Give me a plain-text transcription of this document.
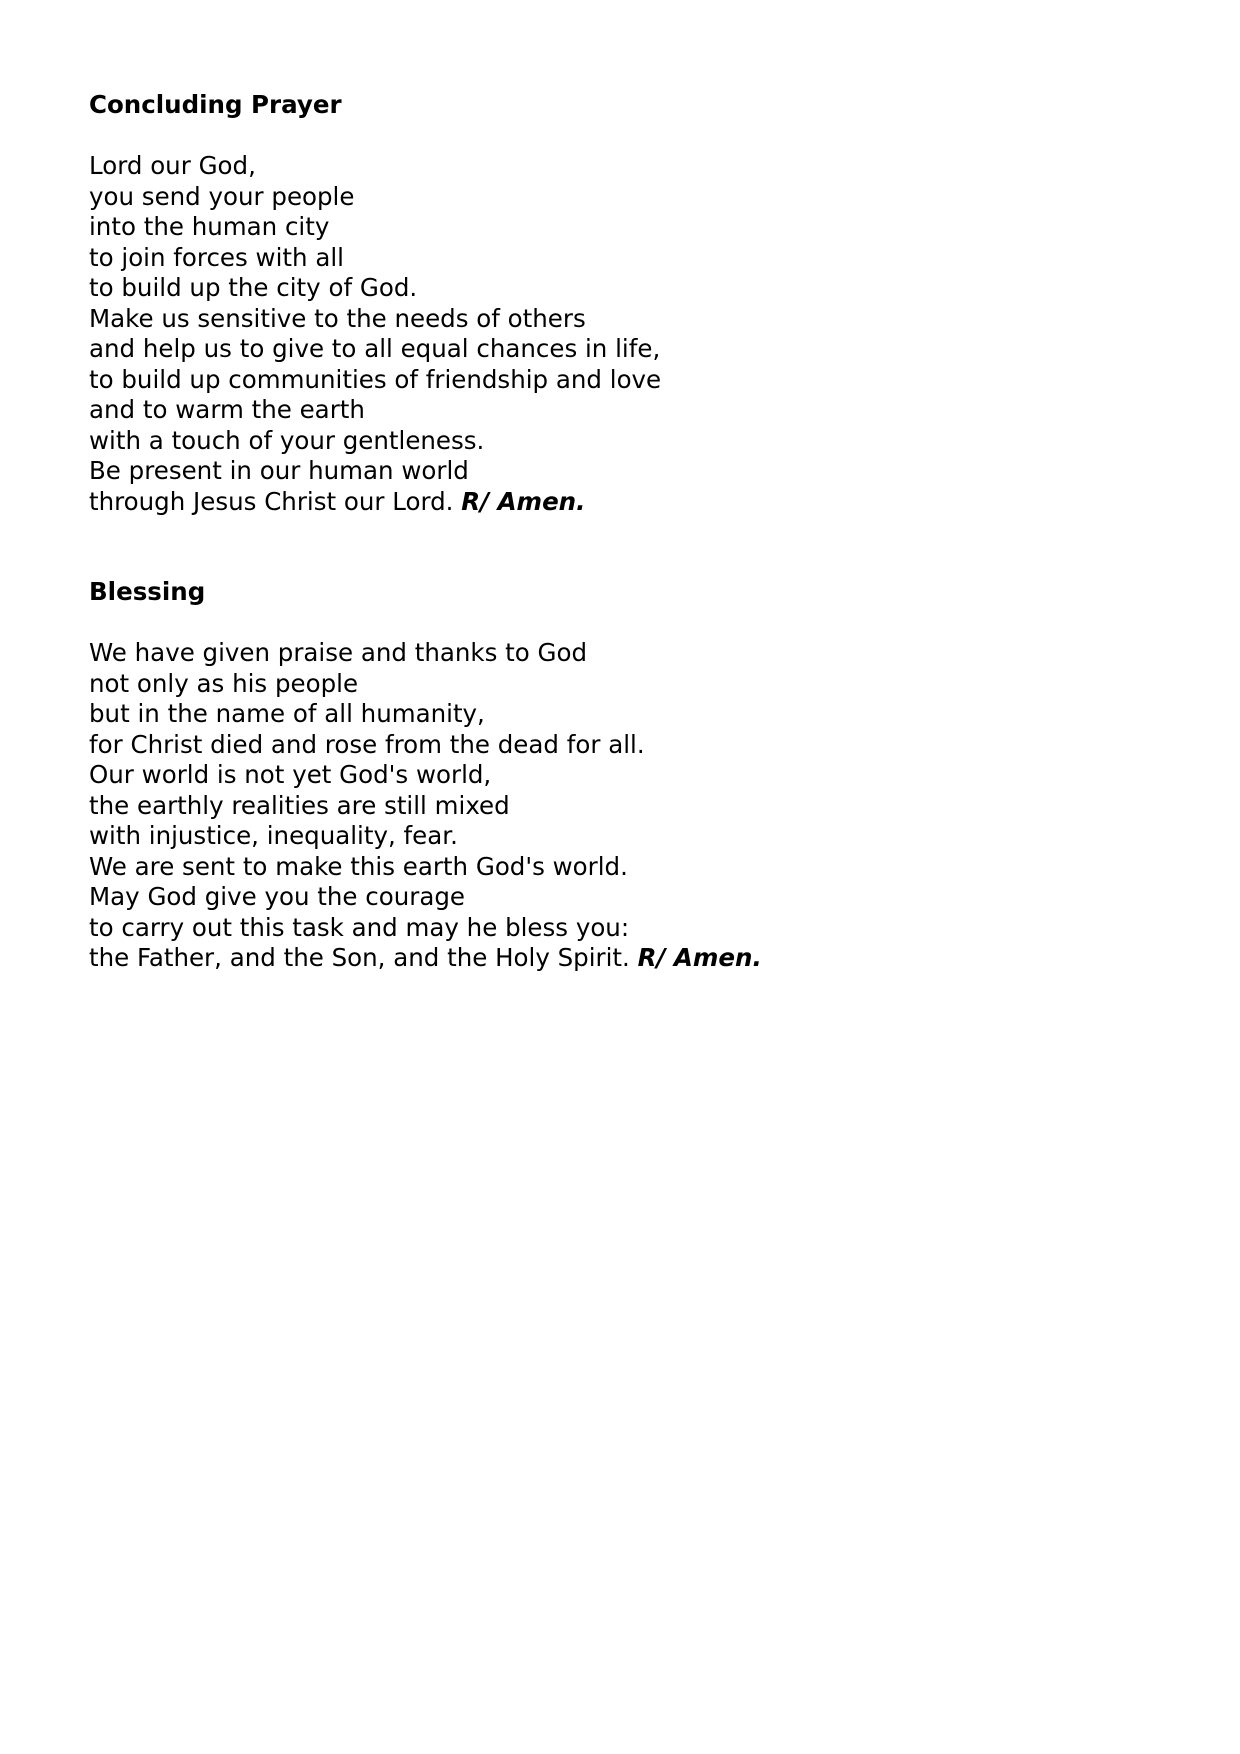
Concluding Prayer
Lord our God,
you send your people
into the human city
to join forces with all
to build up the city of God.
Make us sensitive to the needs of others
and help us to give to all equal chances in life,
to build up communities of friendship and love
and to warm the earth
with a touch of your gentleness.
Be present in our human world
through Jesus Christ our Lord. R/ Amen.
Blessing
We have given praise and thanks to God
not only as his people
but in the name of all humanity,
for Christ died and rose from the dead for all.
Our world is not yet God's world,
the earthly realities are still mixed
with injustice, inequality, fear.
We are sent to make this earth God's world.
May God give you the courage
to carry out this task and may he bless you:
the Father, and the Son, and the Holy Spirit. R/ Amen.
